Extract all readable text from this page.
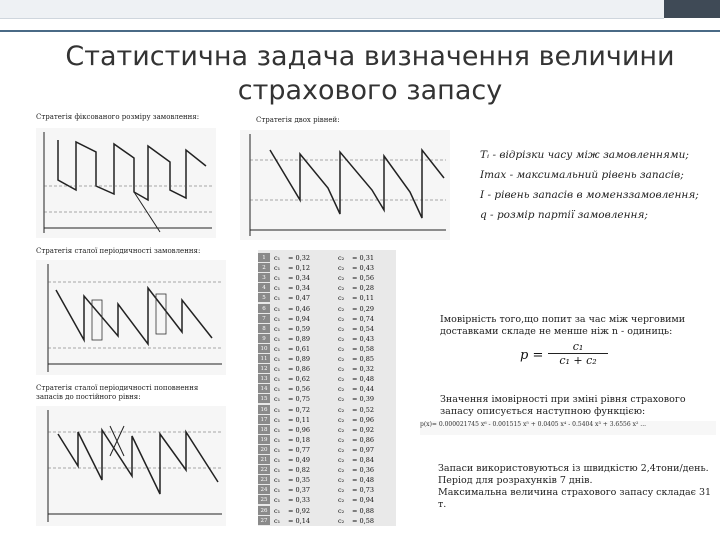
Статистична задача визначення величини страхового запасу
Стратегія фіксованого розміру замовлення:	Стратегія двох рівней:
Стратегія сталої періодичності замовлення:
Стратегія сталої періодичності поповнення запасів до постійного рівня:
Tᵢ - відрізки часу між замовленнями;
Imax - максимальний рівень запасів;
I - рівень запасів в моменззамовлення;
q - розмір партії замовлення;
1	c₁ = 0,32	c₂ = 0,31
2	c₁ = 0,12	c₂ = 0,43
3	c₁ = 0,34	c₂ = 0,56
4	c₁ = 0,34	c₂ = 0,28
5	c₁ = 0,47	c₂ = 0,11
6	c₁ = 0,46	c₂ = 0,29
7	c₁ = 0,94	c₂ = 0,74
8	c₁ = 0,59	c₂ = 0,54
9	c₁ = 0,89	c₂ = 0,43
10	c₁ = 0,61	c₂ = 0,58
11	c₁ = 0,89	c₂ = 0,85
12	c₁ = 0,86	c₂ = 0,32
13	c₁ = 0,62	c₂ = 0,48
14	c₁ = 0,56	c₂ = 0,44
15	c₁ = 0,75	c₂ = 0,39
16	c₁ = 0,72	c₂ = 0,52
17	c₁ = 0,11	c₂ = 0,96
18	c₁ = 0,96	c₂ = 0,92
19	c₁ = 0,18	c₂ = 0,86
20	c₁ = 0,77	c₂ = 0,97
21	c₁ = 0,49	c₂ = 0,84
22	c₁ = 0,82	c₂ = 0,36
23	c₁ = 0,35	c₂ = 0,48
24	c₁ = 0,37	c₂ = 0,73
25	c₁ = 0,33	c₂ = 0,94
26	c₁ = 0,92	c₂ = 0,88
27	c₁ = 0,14	c₂ = 0,58
Імовірність того,що попит за час між черговими доставками складе не менше ніж n - одиниць:
$p = \frac{\text{c₁}}{\text{c₁ + c₂}}$
Значення імовірності при зміні рівня страхового запасу описується наступною функцією:
p(x)= 0.000021745 x⁶ - 0.001515 x⁵ + 0.0405 x⁴ - 0.5404 x³ + 3.6556 x² ...
Запаси використовуються із швидкістю 2,4тони/день.
Період для розрахунків 7 днів.
Максимальна величина страхового запасу складає 31 т.
